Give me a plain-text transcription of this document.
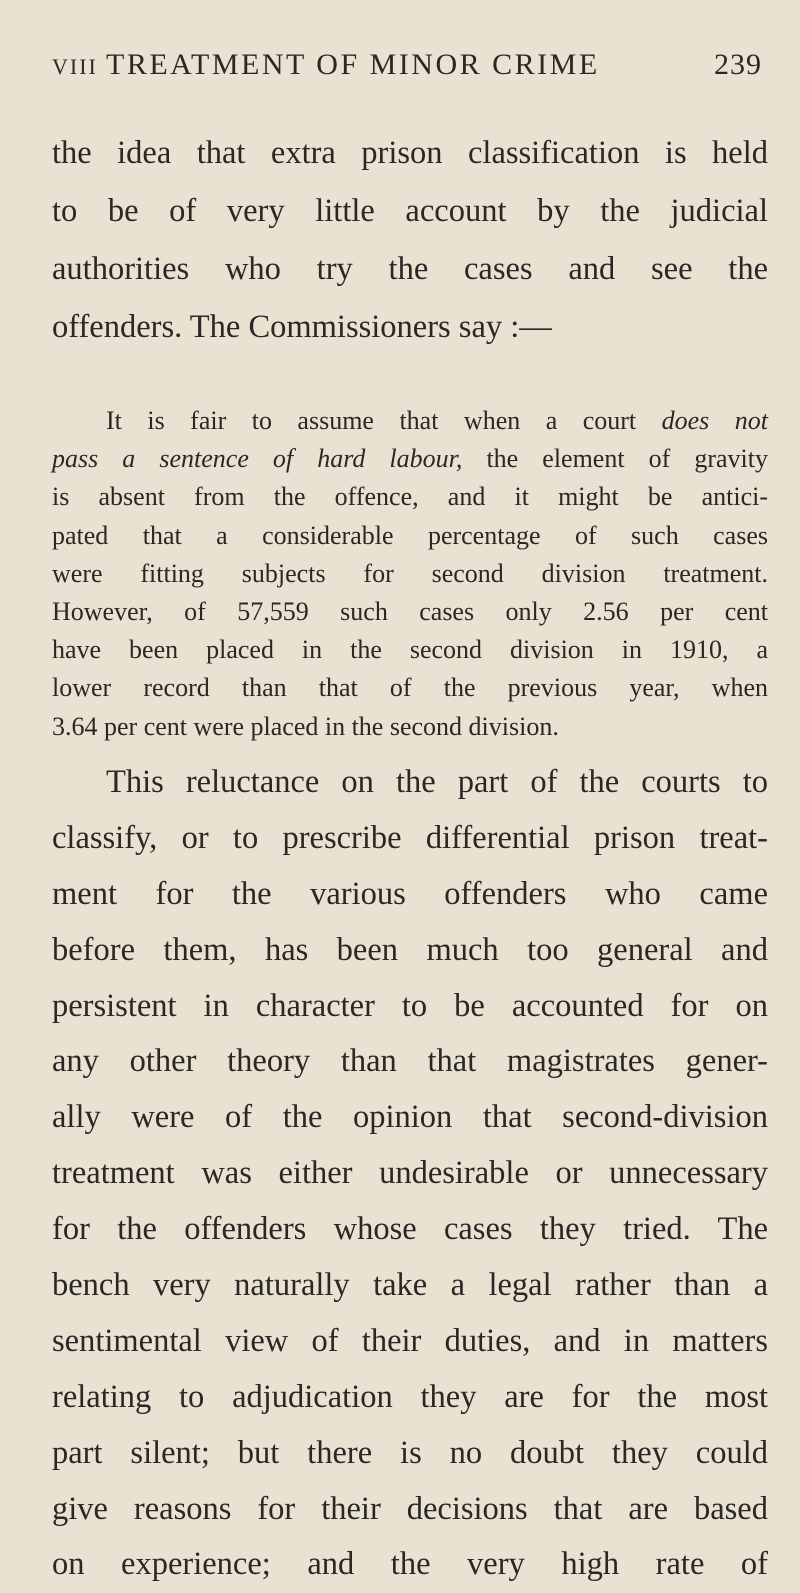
VIII TREATMENT OF MINOR CRIME	239
the idea that extra prison classification is held
to be of very little account by the judicial
authorities who try the cases and see the
offenders. The Commissioners say :—
It is fair to assume that when a court does not
pass a sentence of hard labour, the element of gravity
is absent from the offence, and it might be antici-
pated that a considerable percentage of such cases
were fitting subjects for second division treatment.
However, of 57,559 such cases only 2.56 per cent
have been placed in the second division in 1910, a
lower record than that of the previous year, when
3.64 per cent were placed in the second division.
This reluctance on the part of the courts to
classify, or to prescribe differential prison treat-
ment for the various offenders who came
before them, has been much too general and
persistent in character to be accounted for on
any other theory than that magistrates gener-
ally were of the opinion that second-division
treatment was either undesirable or unnecessary
for the offenders whose cases they tried. The
bench very naturally take a legal rather than a
sentimental view of their duties, and in matters
relating to adjudication they are for the most
part silent; but there is no doubt they could
give reasons for their decisions that are based
on experience; and the very high rate of
